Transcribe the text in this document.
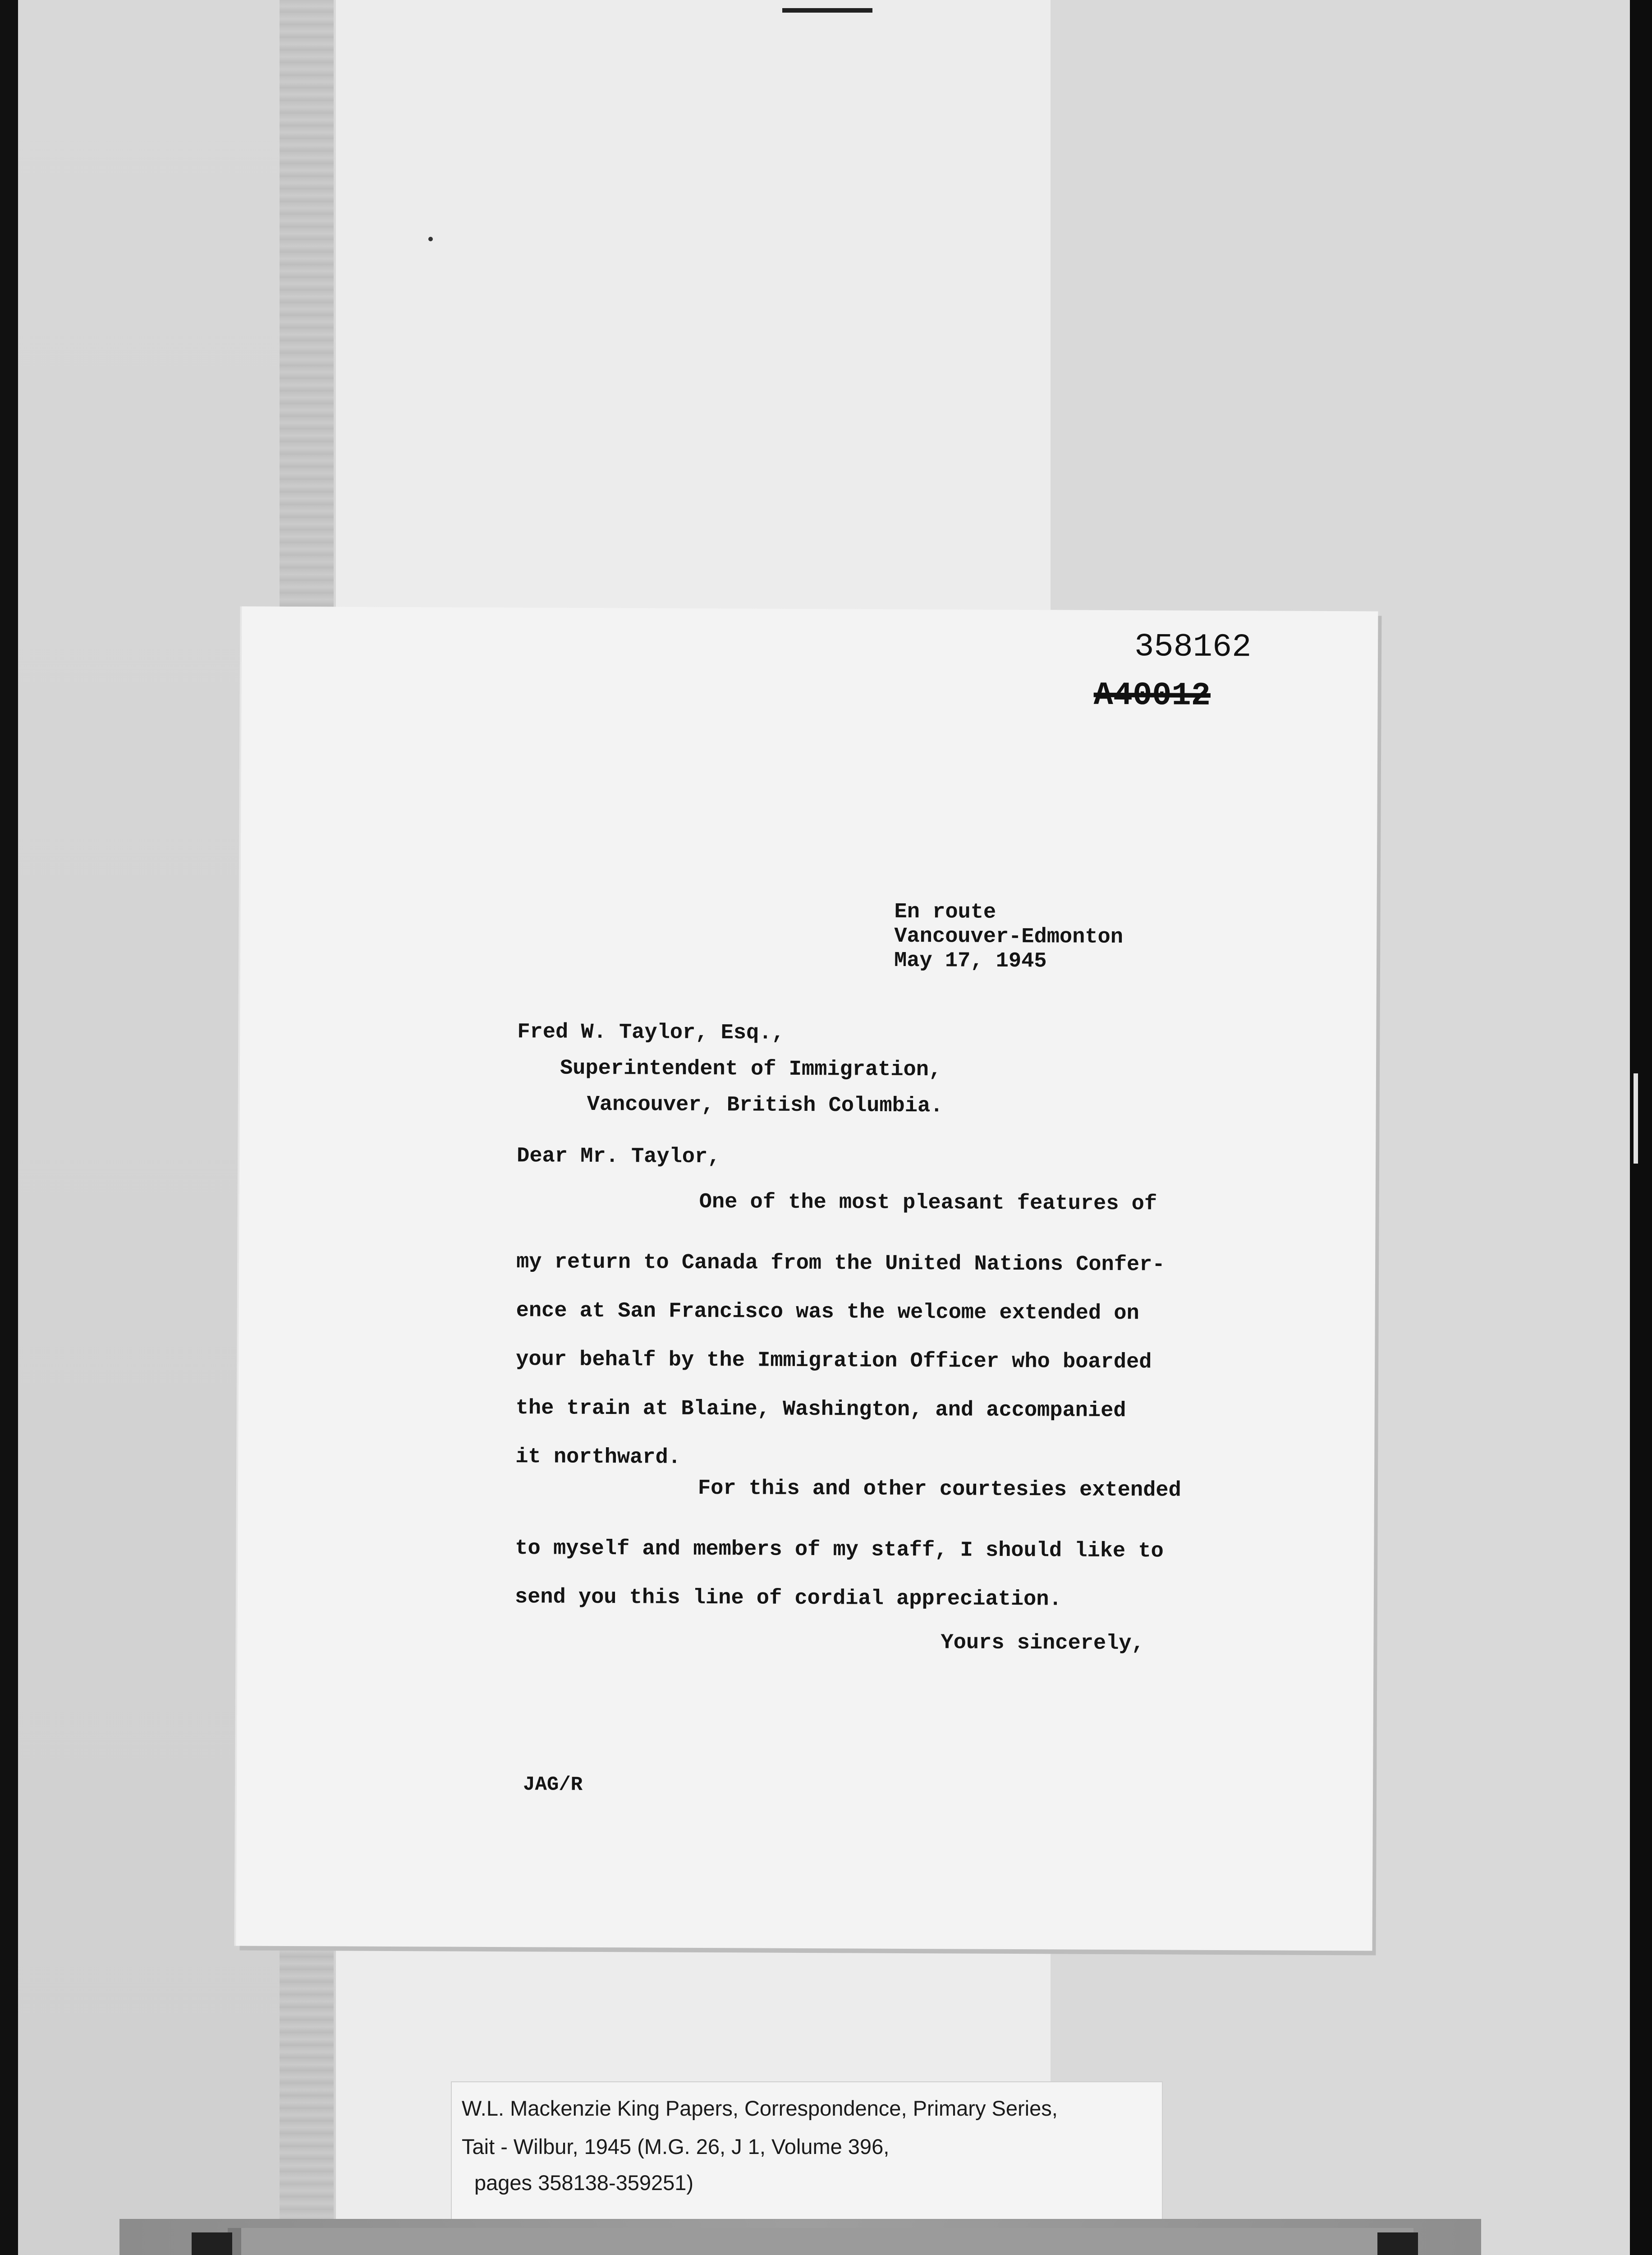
358162
A40012
En route
Vancouver-Edmonton
May 17, 1945
Fred W. Taylor, Esq.,
Superintendent of Immigration,
Vancouver, British Columbia.
Dear Mr. Taylor,
One of the most pleasant features of
my return to Canada from the United Nations Confer-
ence at San Francisco was the welcome extended on
your behalf by the Immigration Officer who boarded
the train at Blaine, Washington, and accompanied
it northward.
For this and other courtesies extended
to myself and members of my staff, I should like to
send you this line of cordial appreciation.
Yours sincerely,
JAG/R
W.L. Mackenzie King Papers, Correspondence, Primary Series,
Tait - Wilbur, 1945 (M.G. 26, J 1, Volume 396,
pages 358138-359251)
